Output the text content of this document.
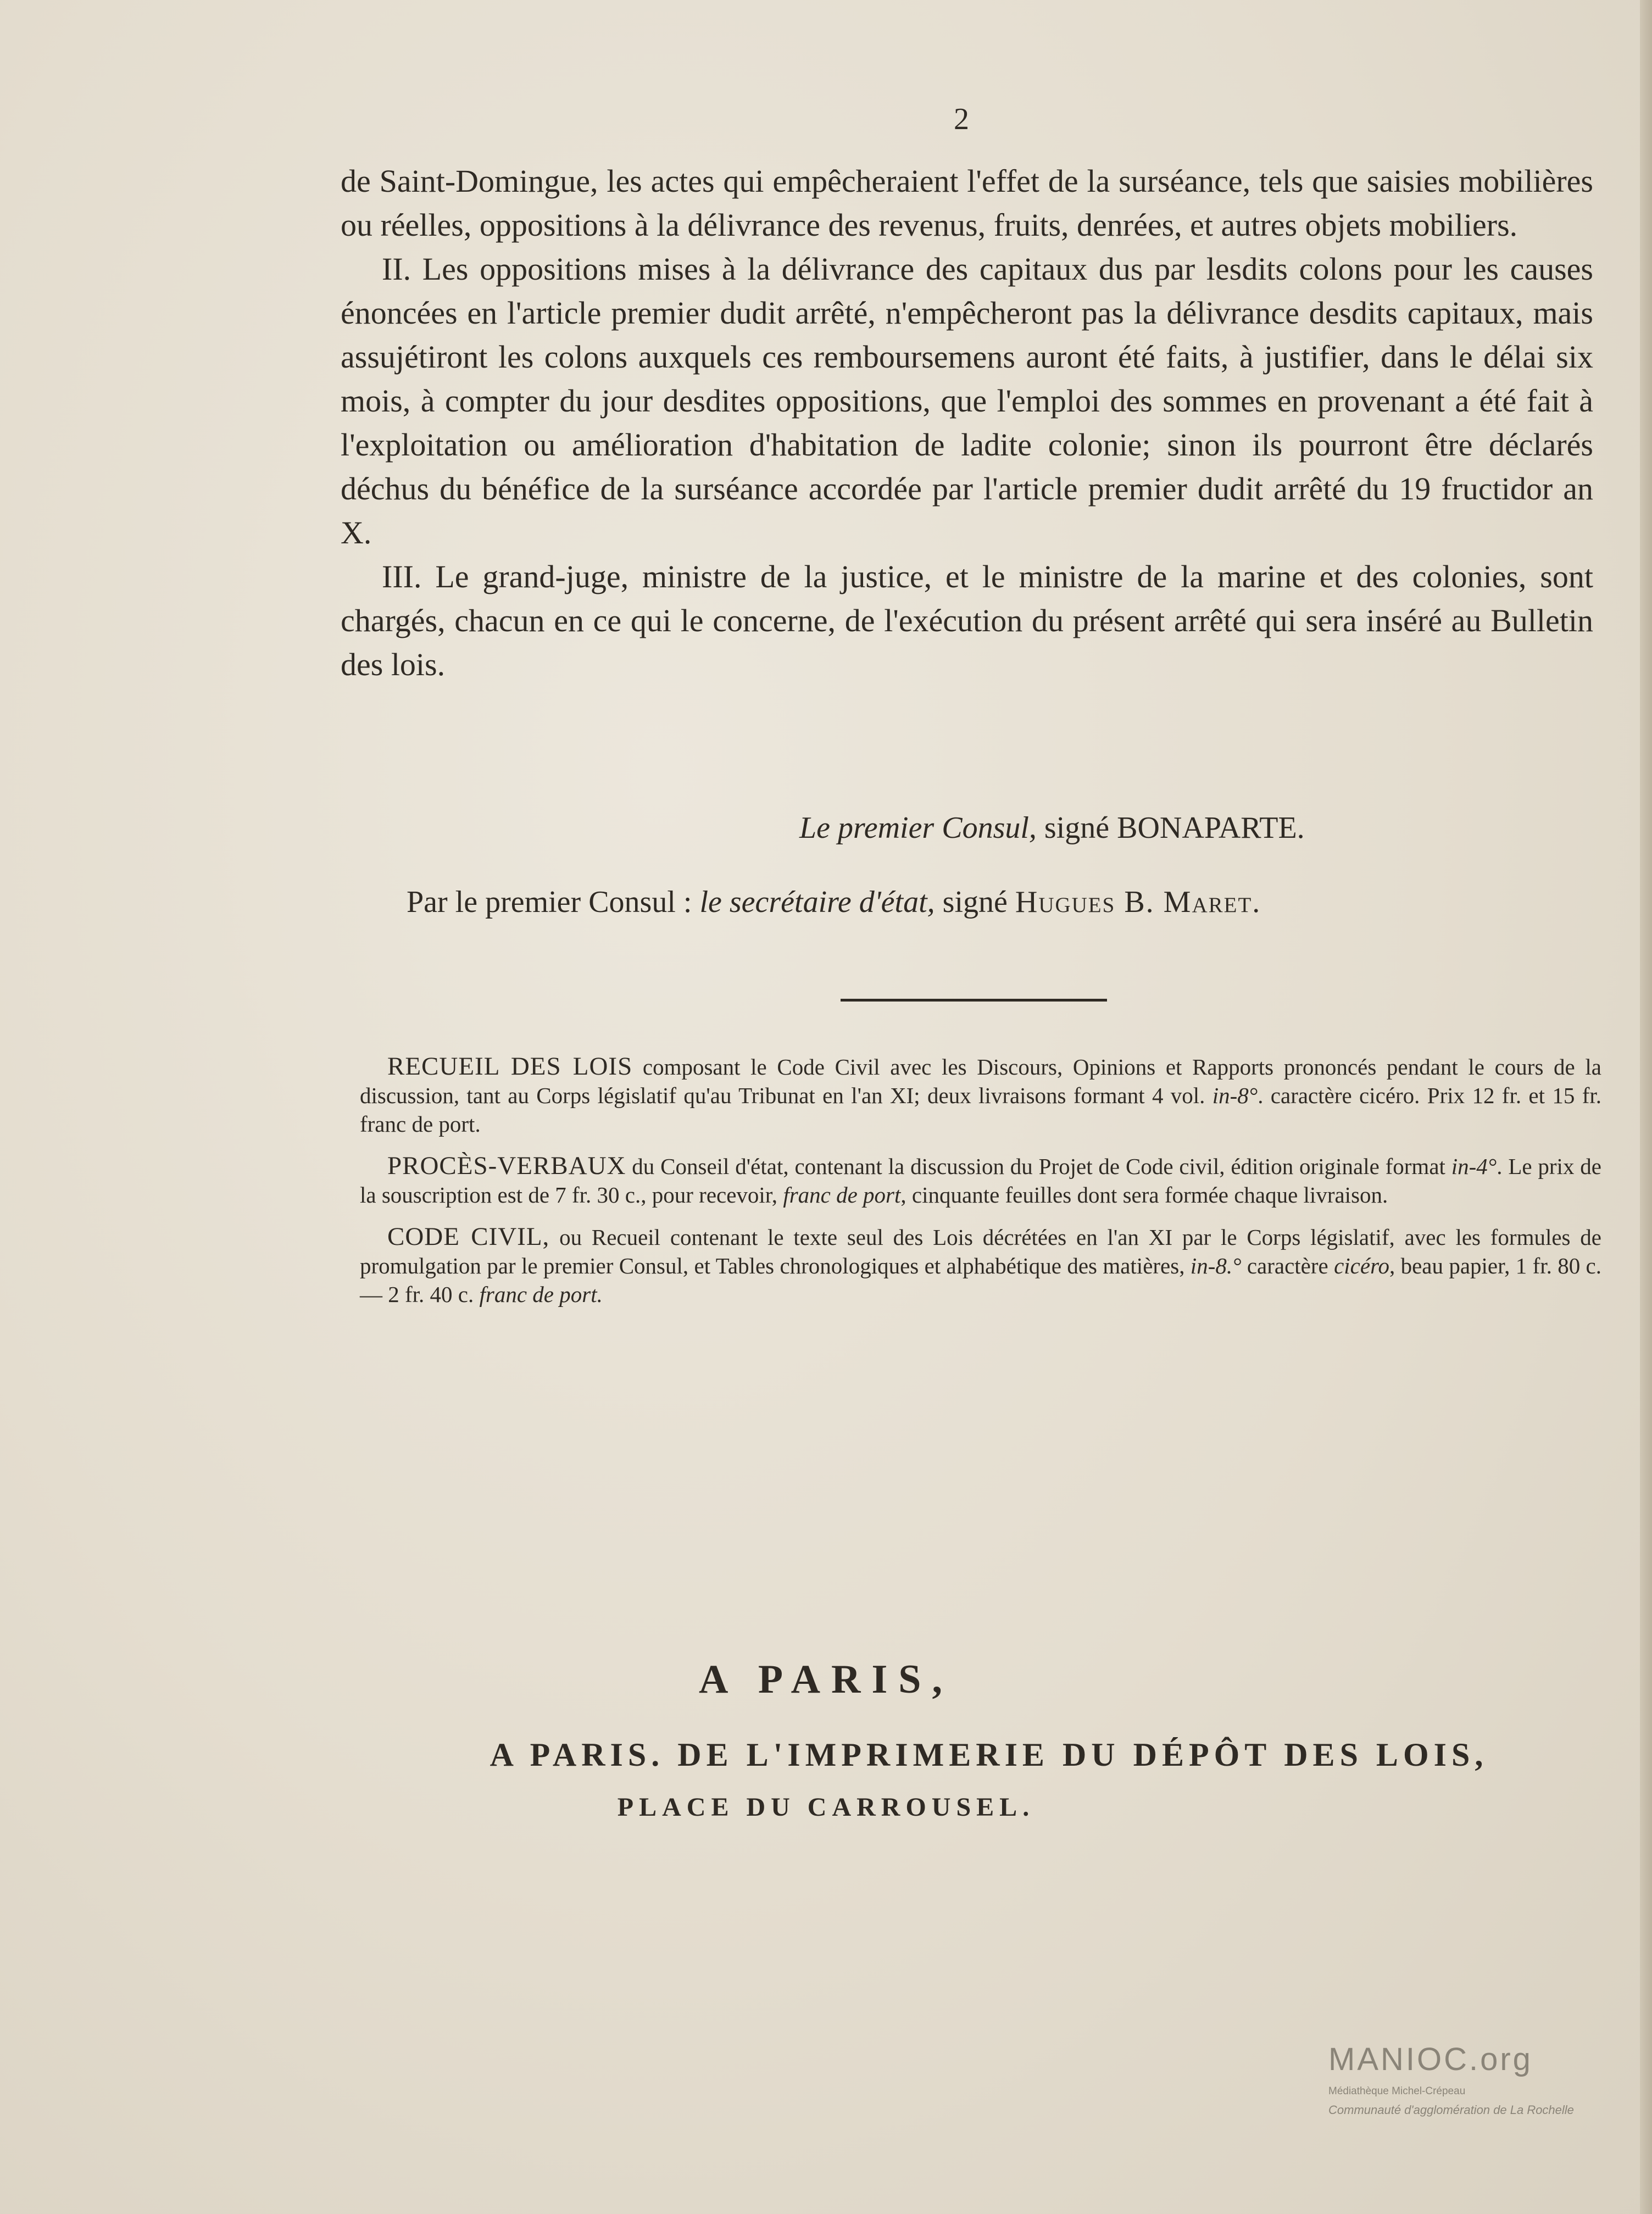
2

de Saint-Domingue, les actes qui empêcheraient l'effet de la surséance, tels que saisies mobilières ou réelles, oppositions à la délivrance des revenus, fruits, denrées, et autres objets mobiliers.

II. Les oppositions mises à la délivrance des capitaux dus par lesdits colons pour les causes énoncées en l'article premier dudit arrêté, n'empêcheront pas la délivrance desdits capitaux, mais assujétiront les colons auxquels ces remboursemens auront été faits, à justifier, dans le délai six mois, à compter du jour desdites oppositions, que l'emploi des sommes en provenant a été fait à l'exploitation ou amélioration d'habitation de ladite colonie; sinon ils pourront être déclarés déchus du bénéfice de la surséance accordée par l'article premier dudit arrêté du 19 fructidor an X.

III. Le grand-juge, ministre de la justice, et le ministre de la marine et des colonies, sont chargés, chacun en ce qui le concerne, de l'exécution du présent arrêté qui sera inséré au Bulletin des lois.

Le premier Consul, signé BONAPARTE.
Par le premier Consul : le secrétaire d'état, signé Hugues B. Maret.

RECUEIL DES LOIS composant le Code Civil avec les Discours, Opinions et Rapports prononcés pendant le cours de la discussion, tant au Corps législatif qu'au Tribunat en l'an XI; deux livraisons formant 4 vol. in-8°. caractère cicéro. Prix 12 fr. et 15 fr. franc de port.

PROCÈS-VERBAUX du Conseil d'état, contenant la discussion du Projet de Code civil, édition originale format in-4°. Le prix de la souscription est de 7 fr. 30 c., pour recevoir, franc de port, cinquante feuilles dont sera formée chaque livraison.

CODE CIVIL, ou Recueil contenant le texte seul des Lois décrétées en l'an XI par le Corps législatif, avec les formules de promulgation par le premier Consul, et Tables chronologiques et alphabétique des matières, in-8.° caractère cicéro, beau papier, 1 fr. 80 c. — 2 fr. 40 c. franc de port.

A PARIS,
A PARIS. DE L'IMPRIMERIE DU DÉPÔT DES LOIS,
PLACE DU CARROUSEL.
MANIOC.org
Médiathèque Michel-Crépeau
Communauté d'agglomération de La Rochelle
